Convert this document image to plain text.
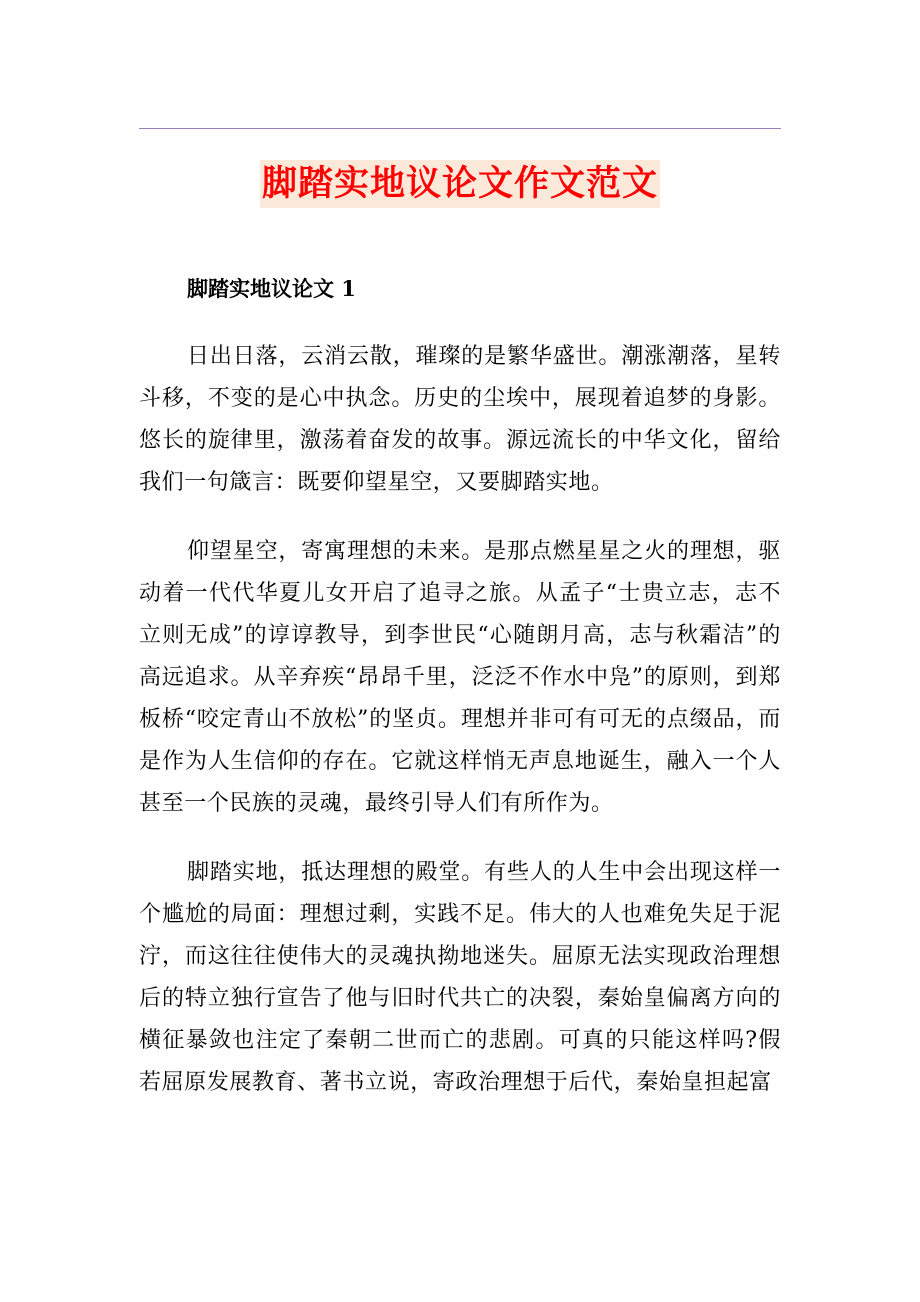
脚踏实地议论文作文范文
脚踏实地议论文 1

日出日落，云消云散，璀璨的是繁华盛世。潮涨潮落，星转斗移，不变的是心中执念。历史的尘埃中，展现着追梦的身影。悠长的旋律里，激荡着奋发的故事。源远流长的中华文化，留给我们一句箴言：既要仰望星空，又要脚踏实地。

仰望星空，寄寓理想的未来。是那点燃星星之火的理想，驱动着一代代华夏儿女开启了追寻之旅。从孟子“士贵立志，志不立则无成”的谆谆教导，到李世民“心随朗月高，志与秋霜洁”的高远追求。从辛弃疾“昂昂千里，泛泛不作水中凫”的原则，到郑板桥“咬定青山不放松”的坚贞。理想并非可有可无的点缀品，而是作为人生信仰的存在。它就这样悄无声息地诞生，融入一个人甚至一个民族的灵魂，最终引导人们有所作为。

脚踏实地，抵达理想的殿堂。有些人的人生中会出现这样一个尴尬的局面：理想过剩，实践不足。伟大的人也难免失足于泥泞，而这往往使伟大的灵魂执拗地迷失。屈原无法实现政治理想后的特立独行宣告了他与旧时代共亡的决裂，秦始皇偏离方向的横征暴敛也注定了秦朝二世而亡的悲剧。可真的只能这样吗?假若屈原发展教育、著书立说，寄政治理想于后代，秦始皇担起富
